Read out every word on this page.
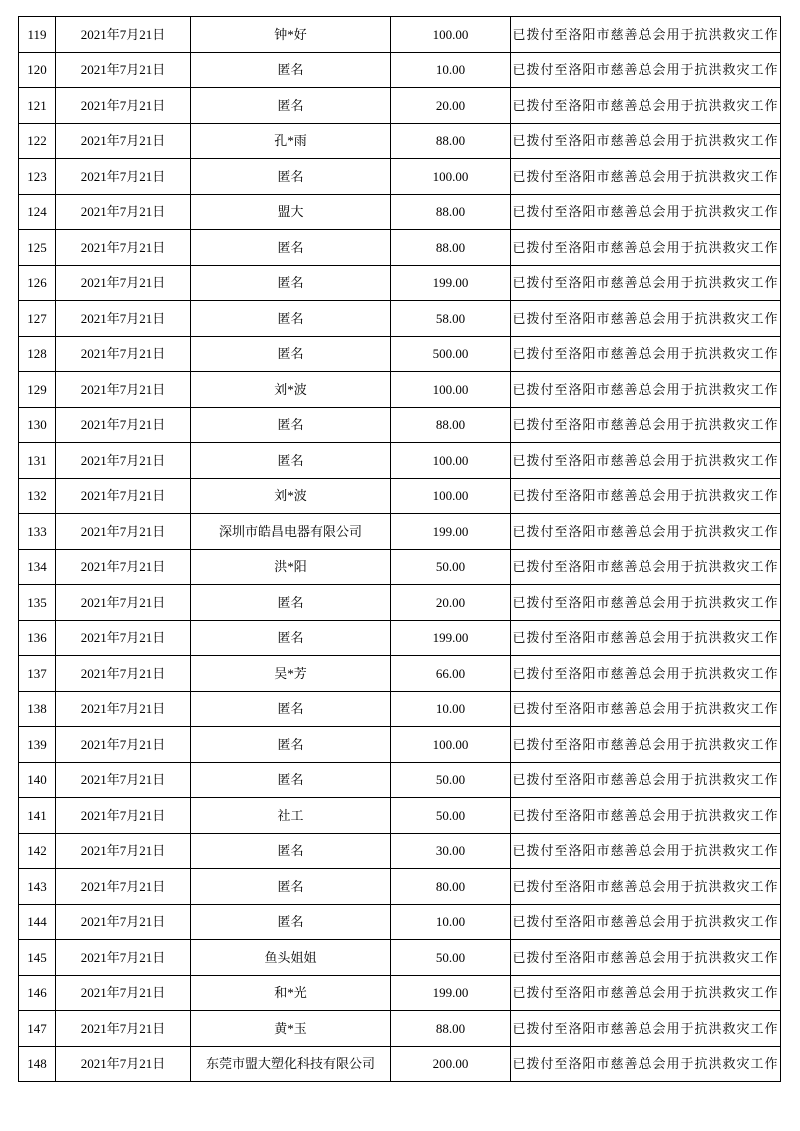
119	2021年7月21日	钟*好	100.00	已拨付至洛阳市慈善总会用于抗洪救灾工作
120	2021年7月21日	匿名	10.00	已拨付至洛阳市慈善总会用于抗洪救灾工作
121	2021年7月21日	匿名	20.00	已拨付至洛阳市慈善总会用于抗洪救灾工作
122	2021年7月21日	孔*雨	88.00	已拨付至洛阳市慈善总会用于抗洪救灾工作
123	2021年7月21日	匿名	100.00	已拨付至洛阳市慈善总会用于抗洪救灾工作
124	2021年7月21日	盟大	88.00	已拨付至洛阳市慈善总会用于抗洪救灾工作
125	2021年7月21日	匿名	88.00	已拨付至洛阳市慈善总会用于抗洪救灾工作
126	2021年7月21日	匿名	199.00	已拨付至洛阳市慈善总会用于抗洪救灾工作
127	2021年7月21日	匿名	58.00	已拨付至洛阳市慈善总会用于抗洪救灾工作
128	2021年7月21日	匿名	500.00	已拨付至洛阳市慈善总会用于抗洪救灾工作
129	2021年7月21日	刘*波	100.00	已拨付至洛阳市慈善总会用于抗洪救灾工作
130	2021年7月21日	匿名	88.00	已拨付至洛阳市慈善总会用于抗洪救灾工作
131	2021年7月21日	匿名	100.00	已拨付至洛阳市慈善总会用于抗洪救灾工作
132	2021年7月21日	刘*波	100.00	已拨付至洛阳市慈善总会用于抗洪救灾工作
133	2021年7月21日	深圳市皓昌电器有限公司	199.00	已拨付至洛阳市慈善总会用于抗洪救灾工作
134	2021年7月21日	洪*阳	50.00	已拨付至洛阳市慈善总会用于抗洪救灾工作
135	2021年7月21日	匿名	20.00	已拨付至洛阳市慈善总会用于抗洪救灾工作
136	2021年7月21日	匿名	199.00	已拨付至洛阳市慈善总会用于抗洪救灾工作
137	2021年7月21日	吴*芳	66.00	已拨付至洛阳市慈善总会用于抗洪救灾工作
138	2021年7月21日	匿名	10.00	已拨付至洛阳市慈善总会用于抗洪救灾工作
139	2021年7月21日	匿名	100.00	已拨付至洛阳市慈善总会用于抗洪救灾工作
140	2021年7月21日	匿名	50.00	已拨付至洛阳市慈善总会用于抗洪救灾工作
141	2021年7月21日	社工	50.00	已拨付至洛阳市慈善总会用于抗洪救灾工作
142	2021年7月21日	匿名	30.00	已拨付至洛阳市慈善总会用于抗洪救灾工作
143	2021年7月21日	匿名	80.00	已拨付至洛阳市慈善总会用于抗洪救灾工作
144	2021年7月21日	匿名	10.00	已拨付至洛阳市慈善总会用于抗洪救灾工作
145	2021年7月21日	鱼头姐姐	50.00	已拨付至洛阳市慈善总会用于抗洪救灾工作
146	2021年7月21日	和*光	199.00	已拨付至洛阳市慈善总会用于抗洪救灾工作
147	2021年7月21日	黄*玉	88.00	已拨付至洛阳市慈善总会用于抗洪救灾工作
148	2021年7月21日	东莞市盟大塑化科技有限公司	200.00	已拨付至洛阳市慈善总会用于抗洪救灾工作
